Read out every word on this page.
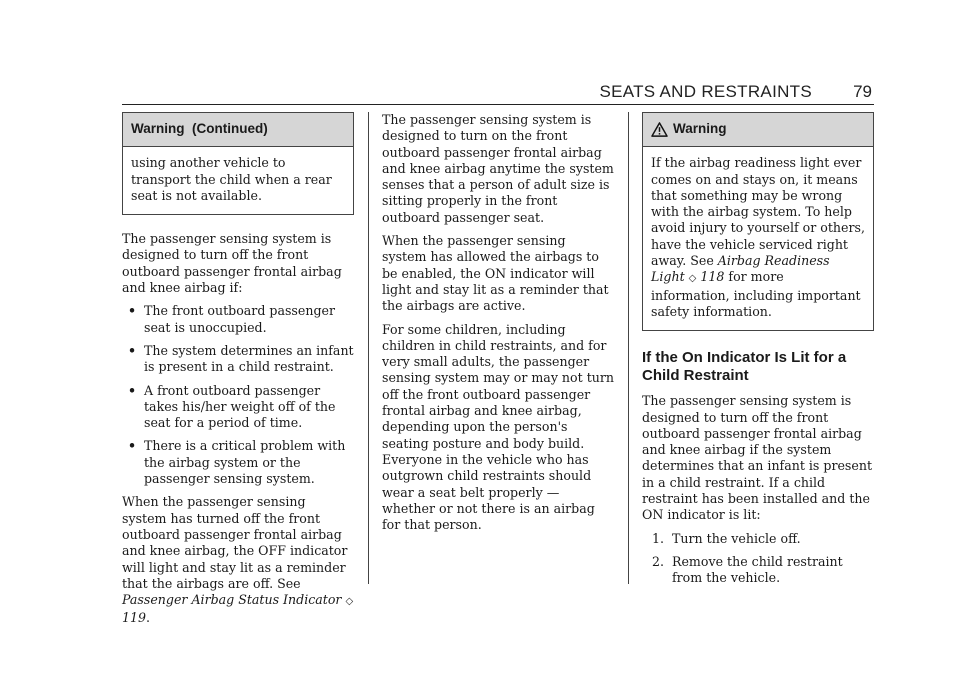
SEATS AND RESTRAINTS 79
Warning  (Continued)
using another vehicle to transport the child when a rear seat is not available.

The passenger sensing system is designed to turn off the front outboard passenger frontal airbag and knee airbag if:

• The front outboard passenger seat is unoccupied.
• The system determines an infant is present in a child restraint.
• A front outboard passenger takes his/her weight off of the seat for a period of time.
• There is a critical problem with the airbag system or the passenger sensing system.

When the passenger sensing system has turned off the front outboard passenger frontal airbag and knee airbag, the OFF indicator will light and stay lit as a reminder that the airbags are off. See Passenger Airbag Status Indicator ◇ 119.

The passenger sensing system is designed to turn on the front outboard passenger frontal airbag and knee airbag anytime the system senses that a person of adult size is sitting properly in the front outboard passenger seat.

When the passenger sensing system has allowed the airbags to be enabled, the ON indicator will light and stay lit as a reminder that the airbags are active.

For some children, including children in child restraints, and for very small adults, the passenger sensing system may or may not turn off the front outboard passenger frontal airbag and knee airbag, depending upon the person's seating posture and body build. Everyone in the vehicle who has outgrown child restraints should wear a seat belt properly — whether or not there is an airbag for that person.

Warning
If the airbag readiness light ever comes on and stays on, it means that something may be wrong with the airbag system. To help avoid injury to yourself or others, have the vehicle serviced right away. See Airbag Readiness Light ◇ 118 for more information, including important safety information.
If the On Indicator Is Lit for a Child Restraint

The passenger sensing system is designed to turn off the front outboard passenger frontal airbag and knee airbag if the system determines that an infant is present in a child restraint. If a child restraint has been installed and the ON indicator is lit:

1. Turn the vehicle off.
2. Remove the child restraint from the vehicle.
